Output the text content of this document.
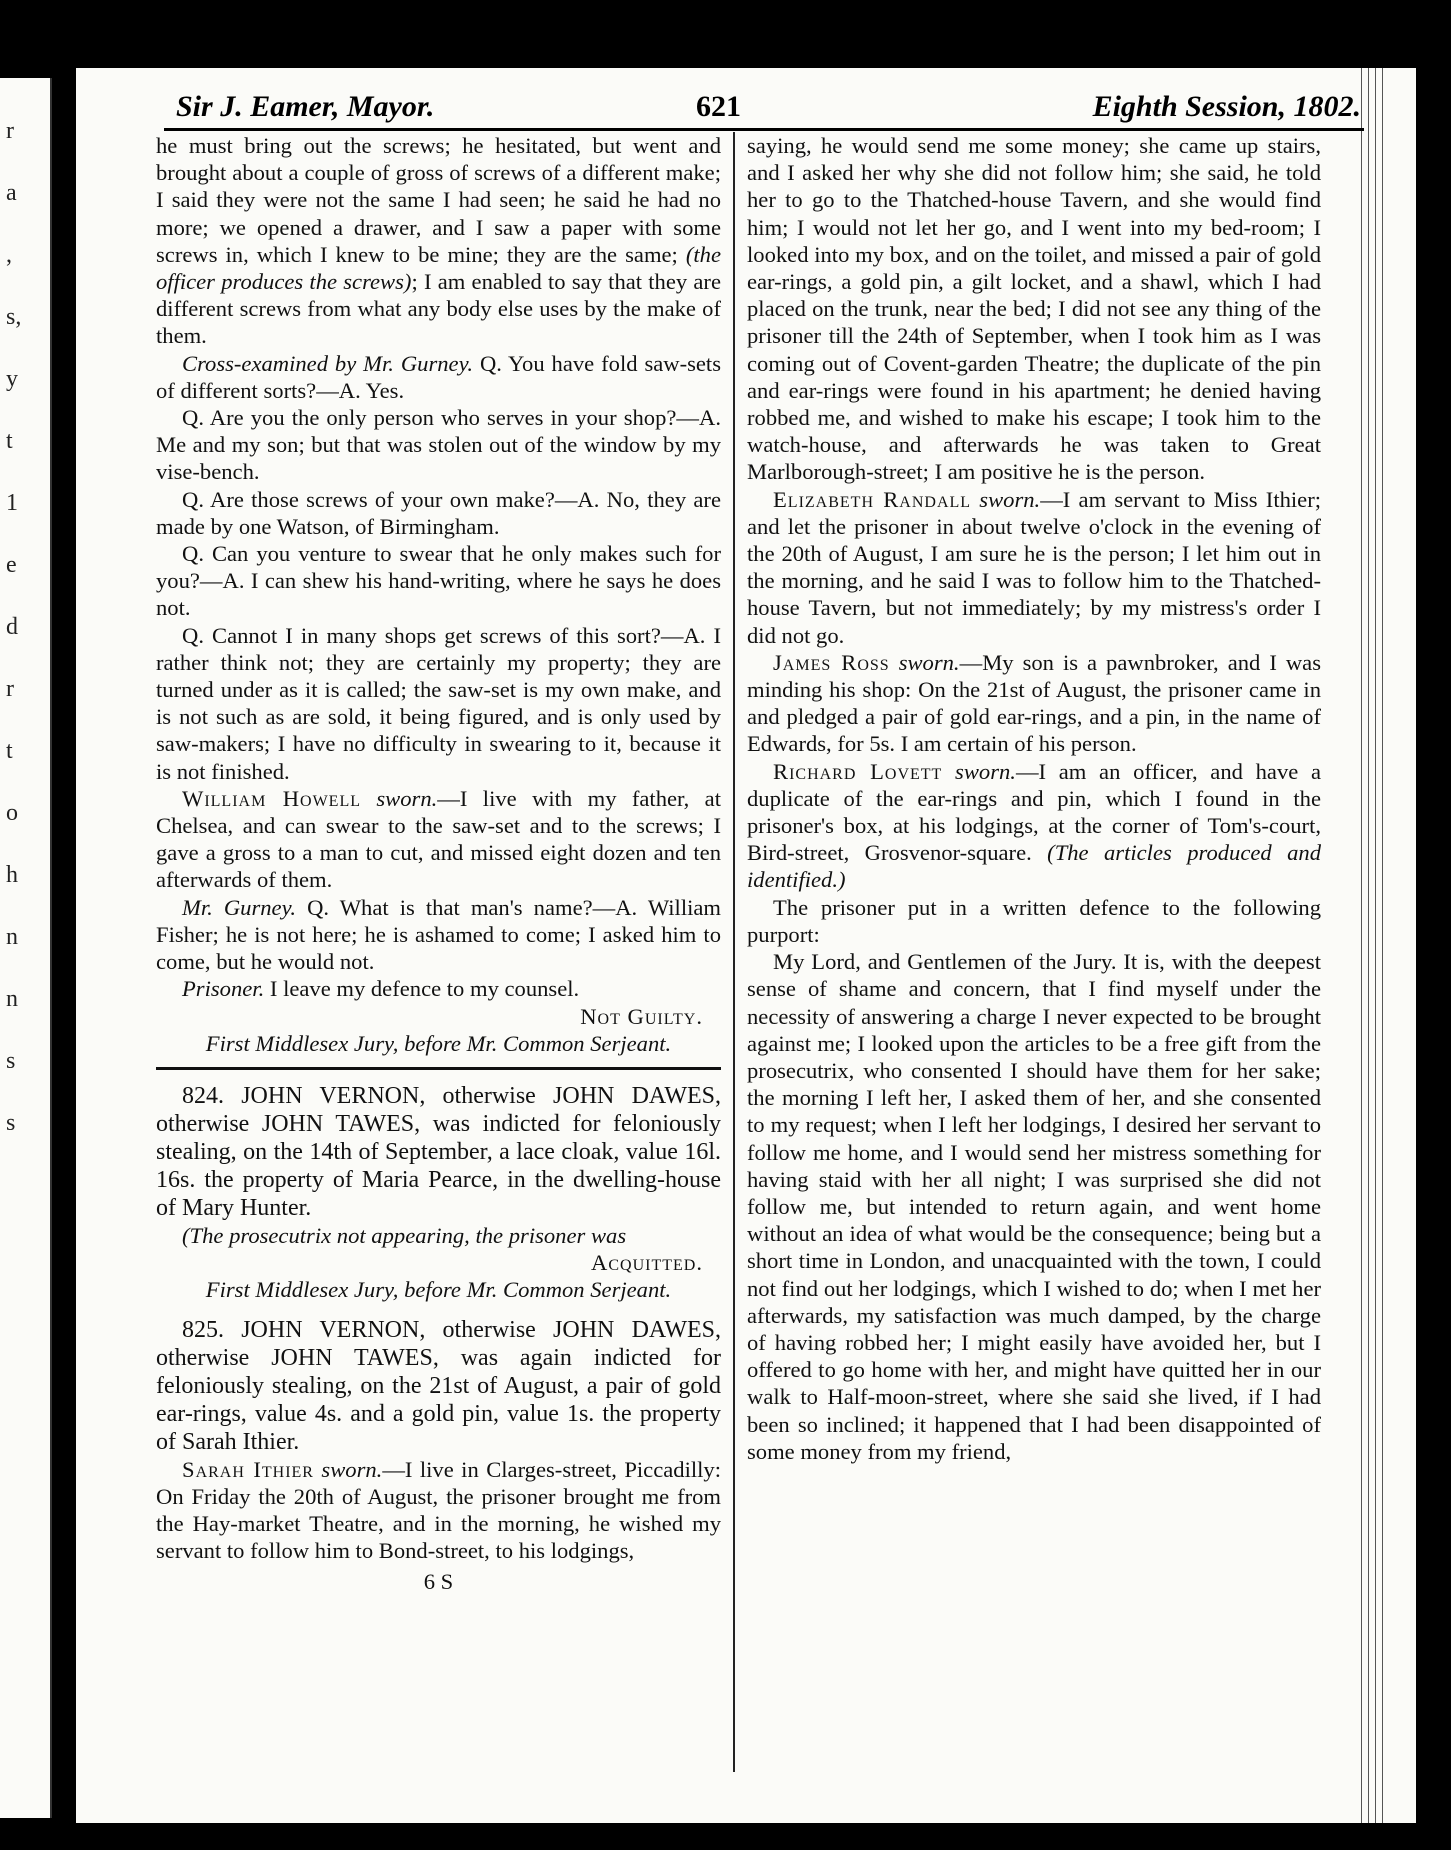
r
a
,
s,
y
t
1
e
d
r
t
o
h
n
n
s
s
Sir J. Eamer, Mayor.	621	Eighth Session, 1802.

he must bring out the screws; he hesitated, but went and brought about a couple of gross of screws of a different make; I said they were not the same I had seen; he said he had no more; we opened a drawer, and I saw a paper with some screws in, which I knew to be mine; they are the same; (the officer produces the screws); I am enabled to say that they are different screws from what any body else uses by the make of them.

Cross-examined by Mr. Gurney. Q. You have fold saw-sets of different sorts?—A. Yes.

Q. Are you the only person who serves in your shop?—A. Me and my son; but that was stolen out of the window by my vise-bench.

Q. Are those screws of your own make?—A. No, they are made by one Watson, of Birmingham.

Q. Can you venture to swear that he only makes such for you?—A. I can shew his hand-writing, where he says he does not.

Q. Cannot I in many shops get screws of this sort?—A. I rather think not; they are certainly my property; they are turned under as it is called; the saw-set is my own make, and is not such as are sold, it being figured, and is only used by saw-makers; I have no difficulty in swearing to it, because it is not finished.

William Howell sworn.—I live with my father, at Chelsea, and can swear to the saw-set and to the screws; I gave a gross to a man to cut, and missed eight dozen and ten afterwards of them.

Mr. Gurney. Q. What is that man's name?—A. William Fisher; he is not here; he is ashamed to come; I asked him to come, but he would not.

Prisoner. I leave my defence to my counsel.

Not Guilty.

First Middlesex Jury, before Mr. Common Serjeant.

824. JOHN VERNON, otherwise JOHN DAWES, otherwise JOHN TAWES, was indicted for feloniously stealing, on the 14th of September, a lace cloak, value 16l. 16s. the property of Maria Pearce, in the dwelling-house of Mary Hunter.

(The prosecutrix not appearing, the prisoner was

Acquitted.

First Middlesex Jury, before Mr. Common Serjeant.

825. JOHN VERNON, otherwise JOHN DAWES, otherwise JOHN TAWES, was again indicted for feloniously stealing, on the 21st of August, a pair of gold ear-rings, value 4s. and a gold pin, value 1s. the property of Sarah Ithier.

Sarah Ithier sworn.—I live in Clarges-street, Piccadilly: On Friday the 20th of August, the prisoner brought me from the Hay-market Theatre, and in the morning, he wished my servant to follow him to Bond-street, to his lodgings,

6 S

saying, he would send me some money; she came up stairs, and I asked her why she did not follow him; she said, he told her to go to the Thatched-house Tavern, and she would find him; I would not let her go, and I went into my bed-room; I looked into my box, and on the toilet, and missed a pair of gold ear-rings, a gold pin, a gilt locket, and a shawl, which I had placed on the trunk, near the bed; I did not see any thing of the prisoner till the 24th of September, when I took him as I was coming out of Covent-garden Theatre; the duplicate of the pin and ear-rings were found in his apartment; he denied having robbed me, and wished to make his escape; I took him to the watch-house, and afterwards he was taken to Great Marlborough-street; I am positive he is the person.

Elizabeth Randall sworn.—I am servant to Miss Ithier; and let the prisoner in about twelve o'clock in the evening of the 20th of August, I am sure he is the person; I let him out in the morning, and he said I was to follow him to the Thatched-house Tavern, but not immediately; by my mistress's order I did not go.

James Ross sworn.—My son is a pawnbroker, and I was minding his shop: On the 21st of August, the prisoner came in and pledged a pair of gold ear-rings, and a pin, in the name of Edwards, for 5s. I am certain of his person.

Richard Lovett sworn.—I am an officer, and have a duplicate of the ear-rings and pin, which I found in the prisoner's box, at his lodgings, at the corner of Tom's-court, Bird-street, Grosvenor-square. (The articles produced and identified.)

The prisoner put in a written defence to the following purport:

My Lord, and Gentlemen of the Jury. It is, with the deepest sense of shame and concern, that I find myself under the necessity of answering a charge I never expected to be brought against me; I looked upon the articles to be a free gift from the prosecutrix, who consented I should have them for her sake; the morning I left her, I asked them of her, and she consented to my request; when I left her lodgings, I desired her servant to follow me home, and I would send her mistress something for having staid with her all night; I was surprised she did not follow me, but intended to return again, and went home without an idea of what would be the consequence; being but a short time in London, and unacquainted with the town, I could not find out her lodgings, which I wished to do; when I met her afterwards, my satisfaction was much damped, by the charge of having robbed her; I might easily have avoided her, but I offered to go home with her, and might have quitted her in our walk to Half-moon-street, where she said she lived, if I had been so inclined; it happened that I had been disappointed of some money from my friend,
